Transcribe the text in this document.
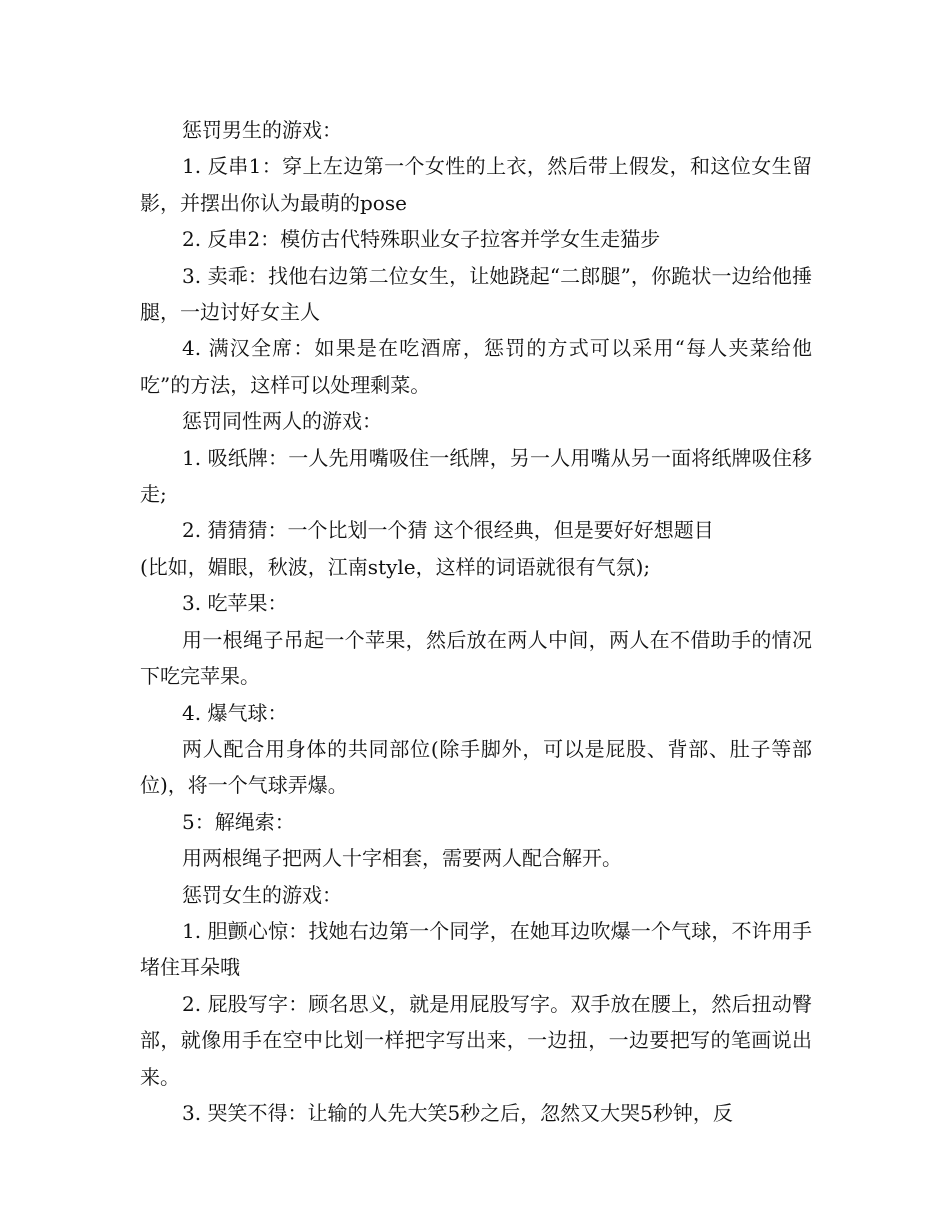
惩罚男生的游戏：

1. 反串1：穿上左边第一个女性的上衣，然后带上假发，和这位女生留影，并摆出你认为最萌的pose

2. 反串2：模仿古代特殊职业女子拉客并学女生走猫步

3. 卖乖：找他右边第二位女生，让她跷起“二郎腿”，你跪状一边给他捶腿，一边讨好女主人

4. 满汉全席：如果是在吃酒席，惩罚的方式可以采用“每人夹菜给他吃”的方法，这样可以处理剩菜。

惩罚同性两人的游戏：

1. 吸纸牌：一人先用嘴吸住一纸牌，另一人用嘴从另一面将纸牌吸住移走;

2. 猜猜猜：一个比划一个猜 这个很经典，但是要好好想题目

(比如，媚眼，秋波，江南style，这样的词语就很有气氛);

3. 吃苹果：

用一根绳子吊起一个苹果，然后放在两人中间，两人在不借助手的情况下吃完苹果。

4. 爆气球：

两人配合用身体的共同部位(除手脚外，可以是屁股、背部、肚子等部位)，将一个气球弄爆。

5：解绳索：

用两根绳子把两人十字相套，需要两人配合解开。

惩罚女生的游戏：

1. 胆颤心惊：找她右边第一个同学，在她耳边吹爆一个气球，不许用手堵住耳朵哦

2. 屁股写字：顾名思义，就是用屁股写字。双手放在腰上，然后扭动臀部，就像用手在空中比划一样把字写出来，一边扭，一边要把写的笔画说出来。

3. 哭笑不得：让输的人先大笑5秒之后，忽然又大哭5秒钟，反
